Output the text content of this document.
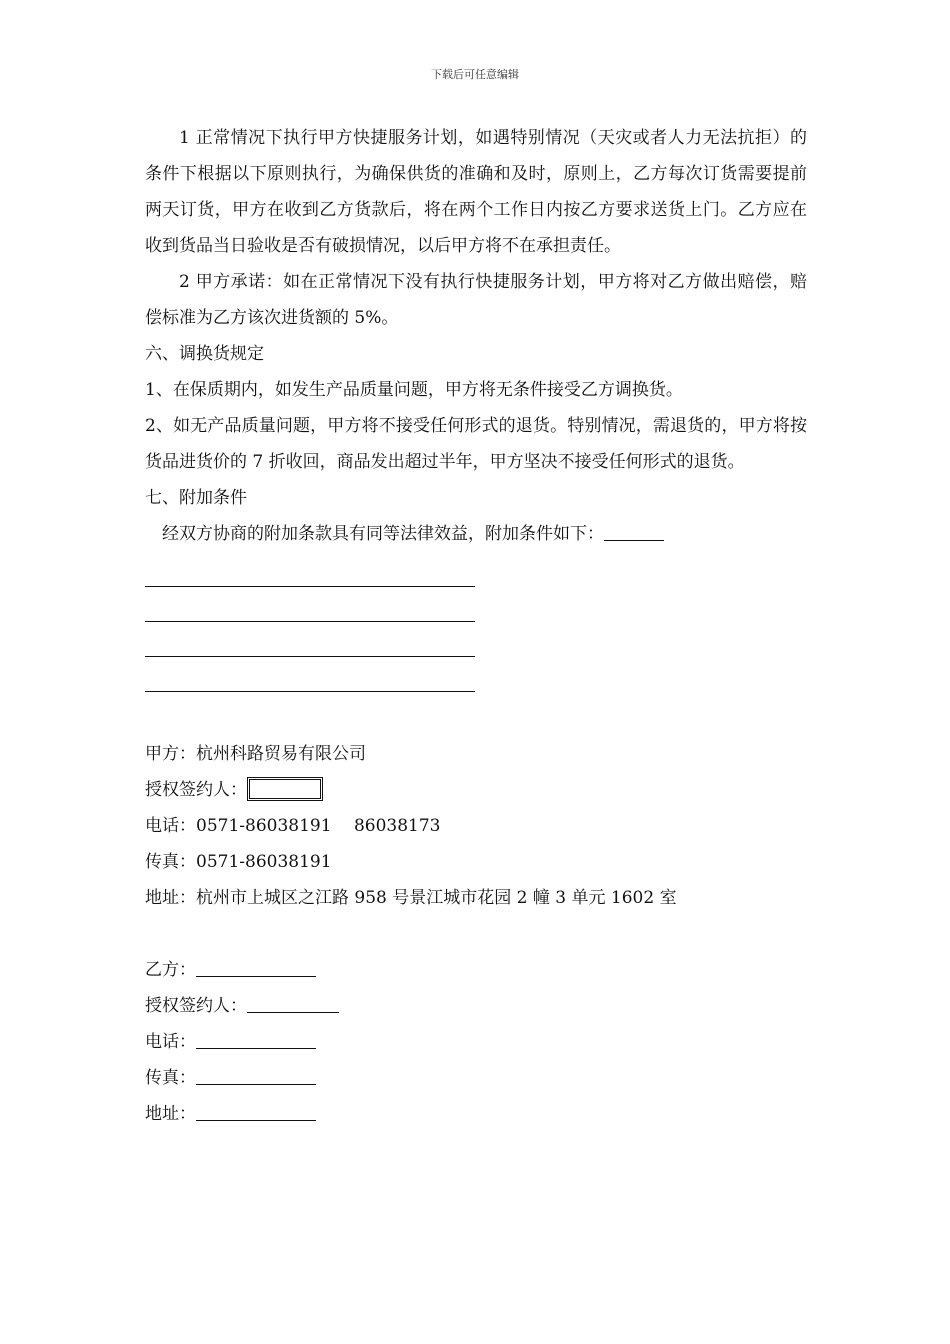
下载后可任意编辑

1 正常情况下执行甲方快捷服务计划，如遇特别情况（天灾或者人力无法抗拒）的条件下根据以下原则执行，为确保供货的准确和及时，原则上，乙方每次订货需要提前两天订货，甲方在收到乙方货款后，将在两个工作日内按乙方要求送货上门。乙方应在收到货品当日验收是否有破损情况，以后甲方将不在承担责任。

2 甲方承诺：如在正常情况下没有执行快捷服务计划，甲方将对乙方做出赔偿，赔偿标准为乙方该次进货额的 5%。

六、调换货规定

1、在保质期内，如发生产品质量问题，甲方将无条件接受乙方调换货。

2、如无产品质量问题，甲方将不接受任何形式的退货。特别情况，需退货的，甲方将按货品进货价的 7 折收回，商品发出超过半年，甲方坚决不接受任何形式的退货。

七、附加条件

经双方协商的附加条款具有同等法律效益，附加条件如下：

甲方：杭州科路贸易有限公司

授权签约人：

电话：0571-86038191　 86038173

传真：0571-86038191

地址：杭州市上城区之江路 958 号景江城市花园 2 幢 3 单元 1602 室

乙方：

授权签约人：

电话：

传真：

地址：
